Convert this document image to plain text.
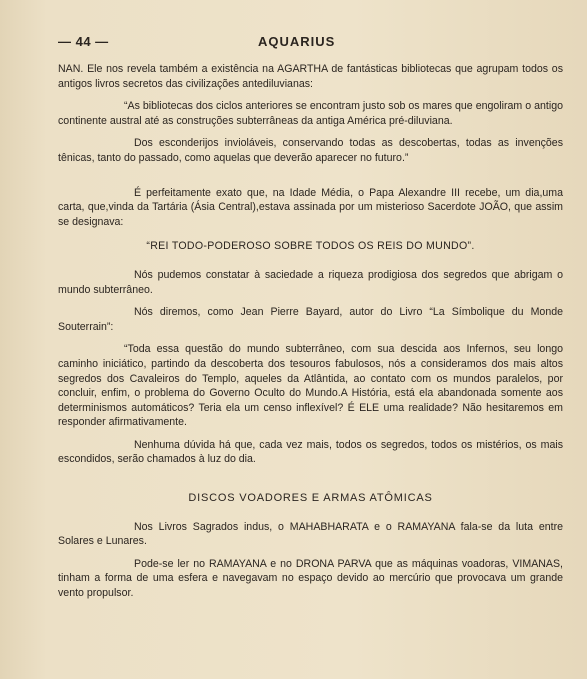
— 44 —	AQUARIUS

NAN. Ele nos revela também a existência na AGARTHA de fantásticas bibliotecas que agrupam todos os antigos livros secretos das civilizações antediluvianas:

“As bibliotecas dos ciclos anteriores se encontram justo sob os mares que engoliram o antigo continente austral até as construções subterrâneas da antiga América pré-diluviana.

Dos esconderijos invioláveis, conservando todas as descobertas, todas as invenções tênicas, tanto do passado, como aquelas que deverão aparecer no futuro.”

É perfeitamente exato que, na Idade Média, o Papa Alexandre III recebe, um dia,uma carta, que,vinda da Tartária (Ásia Central),estava assinada por um misterioso Sacerdote JOÃO, que assim se designava:

“REI TODO-PODEROSO SOBRE TODOS OS REIS DO MUNDO”.

Nós pudemos constatar à saciedade a riqueza prodigiosa dos segredos que abrigam o mundo subterrâneo.

Nós diremos, como Jean Pierre Bayard, autor do Livro “La Símbolique du Monde Souterrain”:

“Toda essa questão do mundo subterrâneo, com sua descida aos Infernos, seu longo caminho iniciático, partindo da descoberta dos tesouros fabulosos, nós a consideramos dos mais altos segredos dos Cavaleiros do Templo, aqueles da Atlântida, ao contato com os mundos paralelos, por concluir, enfim, o problema do Governo Oculto do Mundo.A História, está ela abandonada somente aos determinismos automáticos? Teria ela um censo inflexível? É ELE uma realidade? Não hesitaremos em responder afirmativamente.

Nenhuma dúvida há que, cada vez mais, todos os segredos, todos os mistérios, os mais escondidos, serão chamados à luz do dia.

DISCOS VOADORES E ARMAS ATÔMICAS

Nos Livros Sagrados indus, o MAHABHARATA e o RAMAYANA fala-se da luta entre Solares e Lunares.

Pode-se ler no RAMAYANA e no DRONA PARVA que as máquinas voadoras, VIMANAS, tinham a forma de uma esfera e navegavam no espaço devido ao mercúrio que provocava um grande vento propulsor.
